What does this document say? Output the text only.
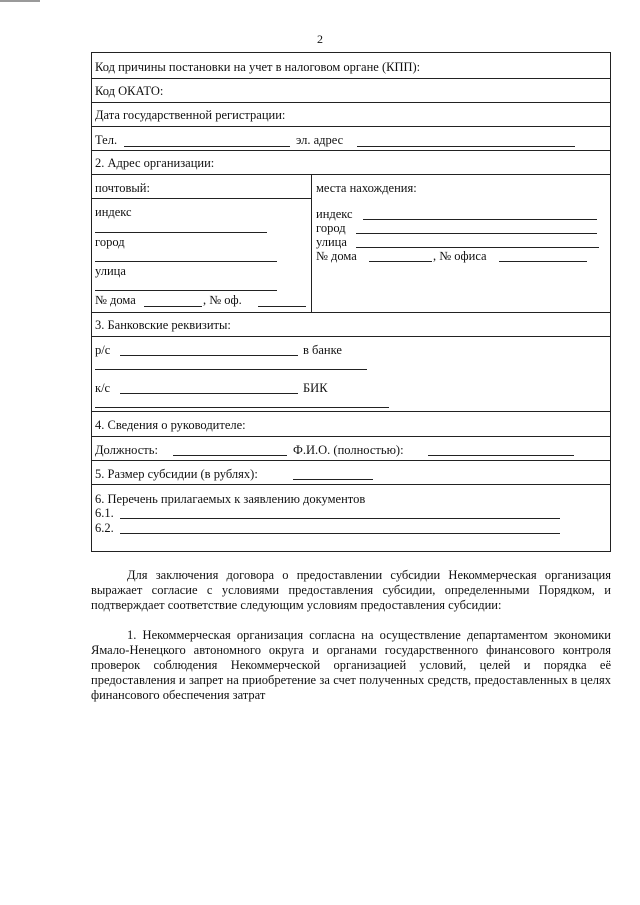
2
Код причины постановки на учет в налоговом органе (КПП):
Код ОКАТО:
Дата государственной регистрации:
Тел.	эл. адрес
2. Адрес организации:
почтовый:
индекс
город
улица
№ дома	, № оф.
места нахождения:
индекс
город
улица
№ дома	, № офиса
3. Банковские реквизиты:
р/с	в банке
к/с	БИК
4. Сведения о руководителе:
Должность:	Ф.И.О. (полностью):
5. Размер субсидии (в рублях):
6. Перечень прилагаемых к заявлению документов
6.1.
6.2.

Для заключения договора о предоставлении субсидии Некоммерческая организация выражает согласие с условиями предоставления субсидии, определенными Порядком, и подтверждает соответствие следующим условиям предоставления субсидии:

1. Некоммерческая организация согласна на осуществление департаментом экономики Ямало-Ненецкого автономного округа и органами государственного финансового контроля проверок соблюдения Некоммерческой организацией условий, целей и порядка её предоставления и запрет на приобретение за счет полученных средств, предоставленных в целях финансового обеспечения затрат
